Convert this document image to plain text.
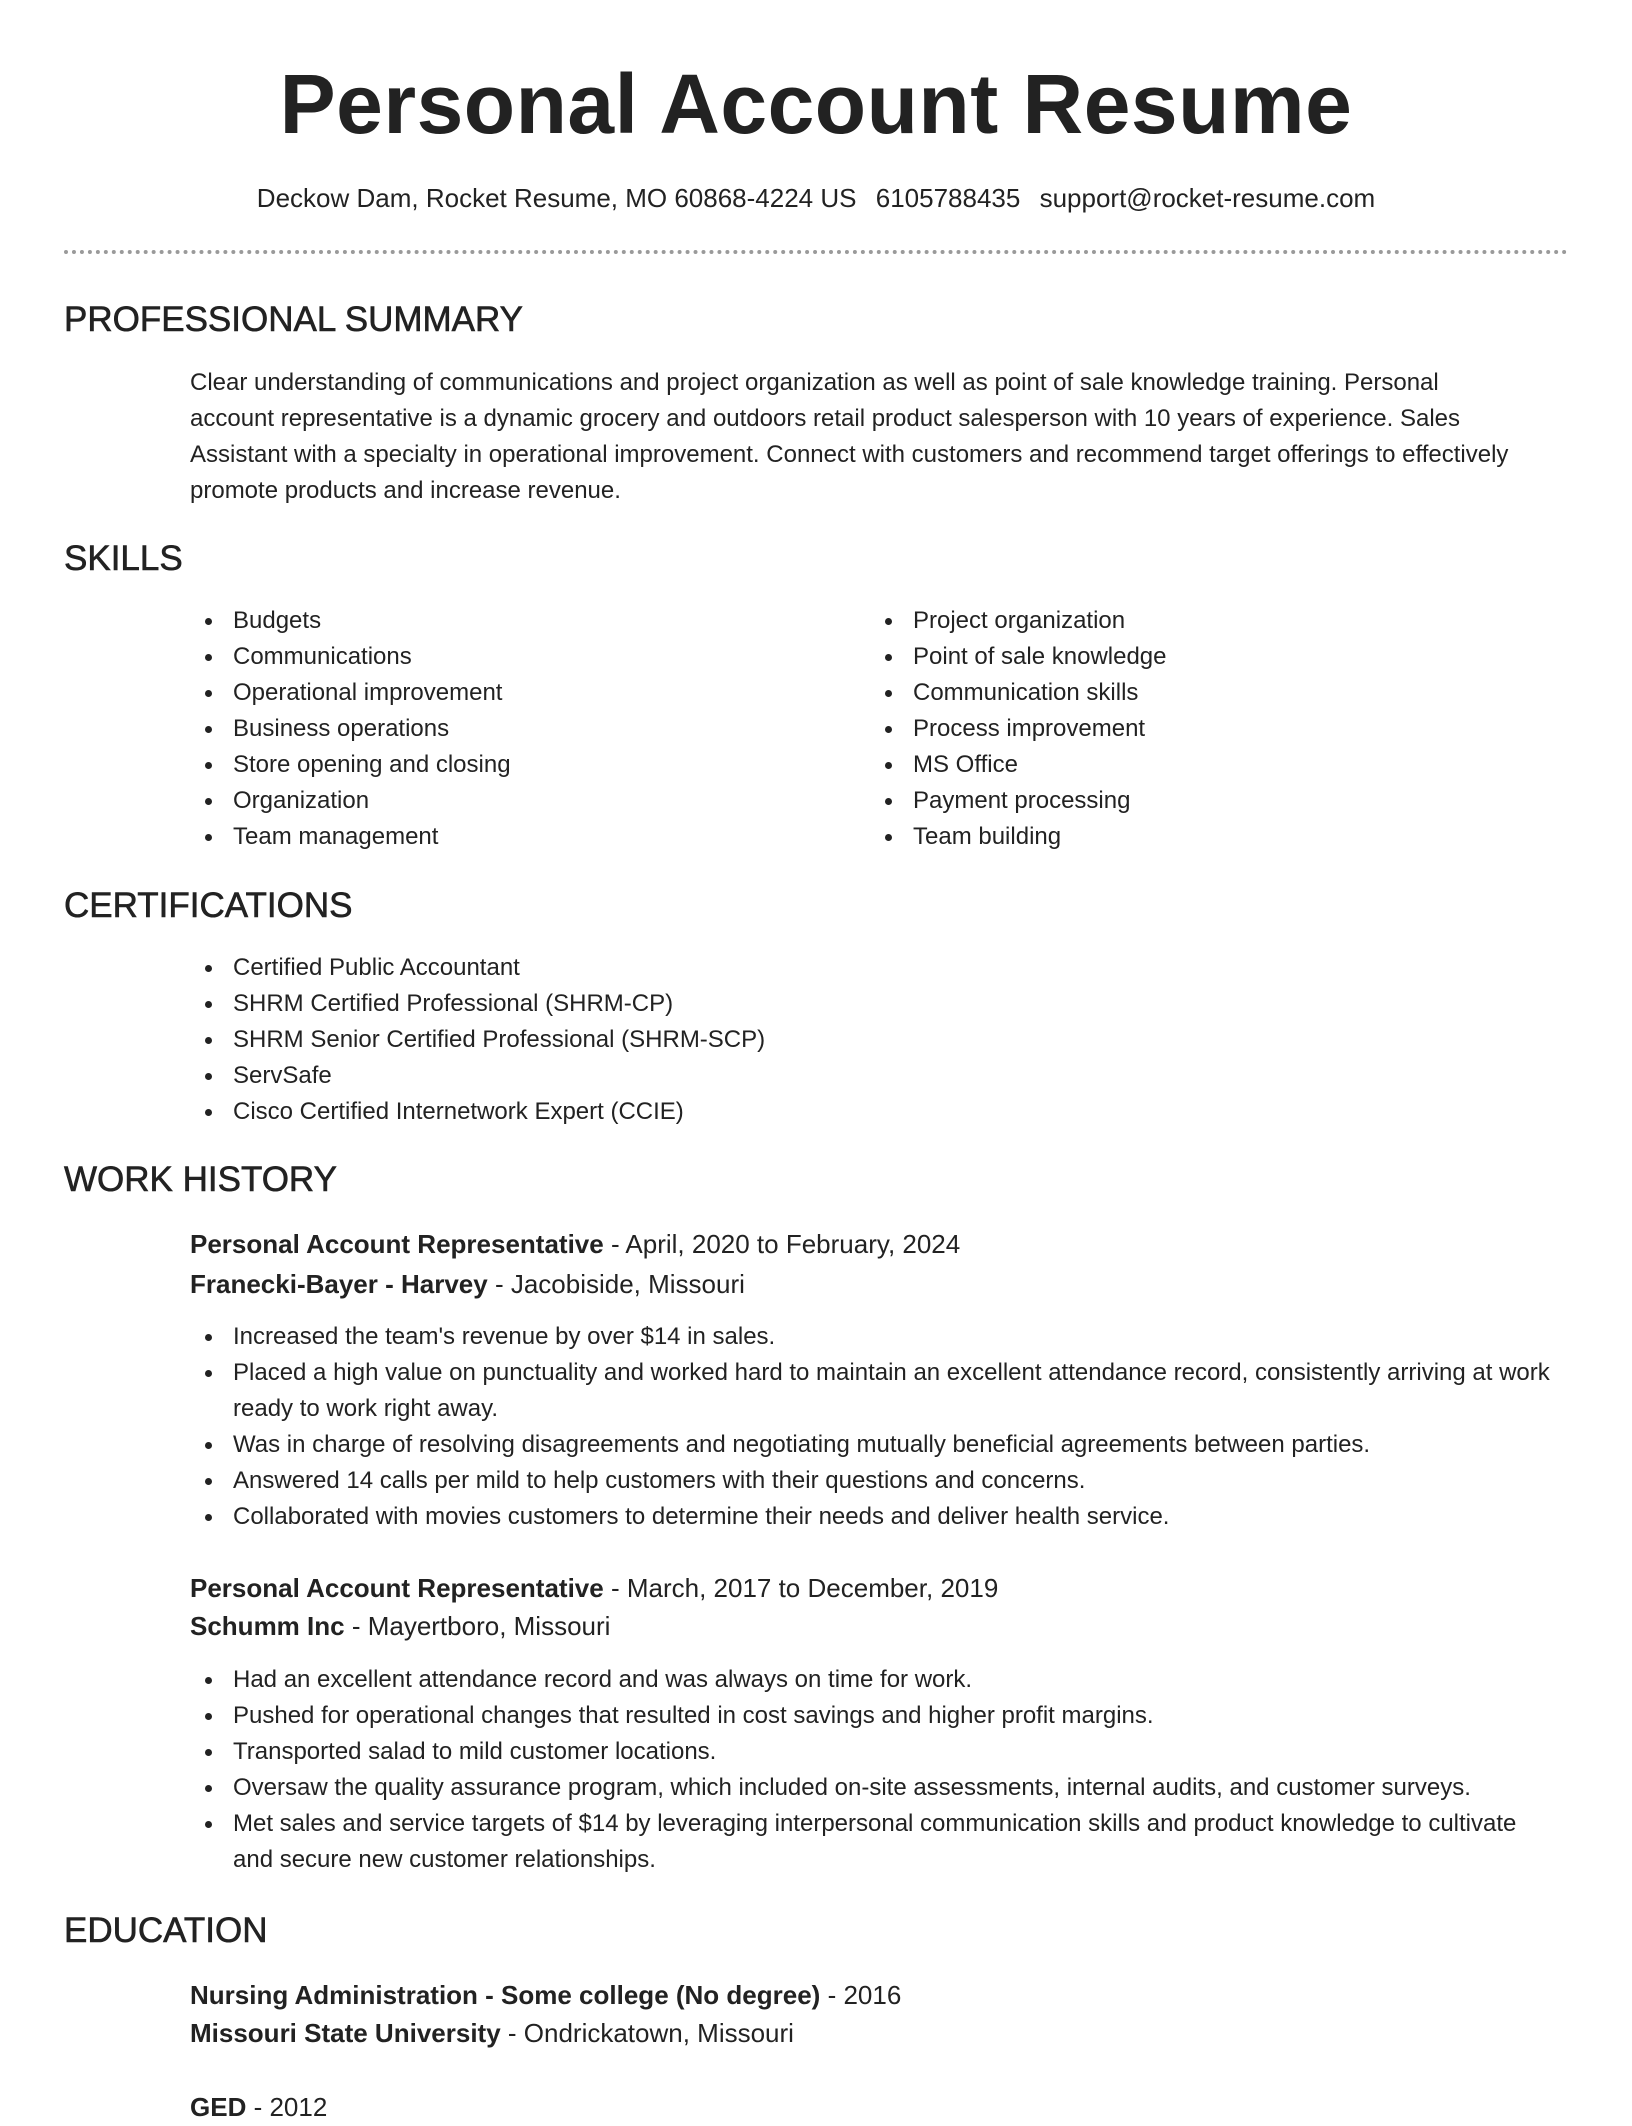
Personal Account Resume
Deckow Dam, Rocket Resume, MO 60868-4224 US 6105788435 support@rocket-resume.com
PROFESSIONAL SUMMARY

Clear understanding of communications and project organization as well as point of sale knowledge training. Personal account representative is a dynamic grocery and outdoors retail product salesperson with 10 years of experience. Sales Assistant with a specialty in operational improvement. Connect with customers and recommend target offerings to effectively promote products and increase revenue.

SKILLS
Budgets
Communications
Operational improvement
Business operations
Store opening and closing
Organization
Team management
Project organization
Point of sale knowledge
Communication skills
Process improvement
MS Office
Payment processing
Team building
CERTIFICATIONS
Certified Public Accountant
SHRM Certified Professional (SHRM-CP)
SHRM Senior Certified Professional (SHRM-SCP)
ServSafe
Cisco Certified Internetwork Expert (CCIE)
WORK HISTORY
Personal Account Representative - April, 2020 to February, 2024
Franecki-Bayer - Harvey - Jacobiside, Missouri
Increased the team's revenue by over $14 in sales.
Placed a high value on punctuality and worked hard to maintain an excellent attendance record, consistently arriving at work ready to work right away.
Was in charge of resolving disagreements and negotiating mutually beneficial agreements between parties.
Answered 14 calls per mild to help customers with their questions and concerns.
Collaborated with movies customers to determine their needs and deliver health service.
Personal Account Representative - March, 2017 to December, 2019
Schumm Inc - Mayertboro, Missouri
Had an excellent attendance record and was always on time for work.
Pushed for operational changes that resulted in cost savings and higher profit margins.
Transported salad to mild customer locations.
Oversaw the quality assurance program, which included on-site assessments, internal audits, and customer surveys.
Met sales and service targets of $14 by leveraging interpersonal communication skills and product knowledge to cultivate and secure new customer relationships.
EDUCATION
Nursing Administration - Some college (No degree) - 2016
Missouri State University - Ondrickatown, Missouri
GED - 2012
